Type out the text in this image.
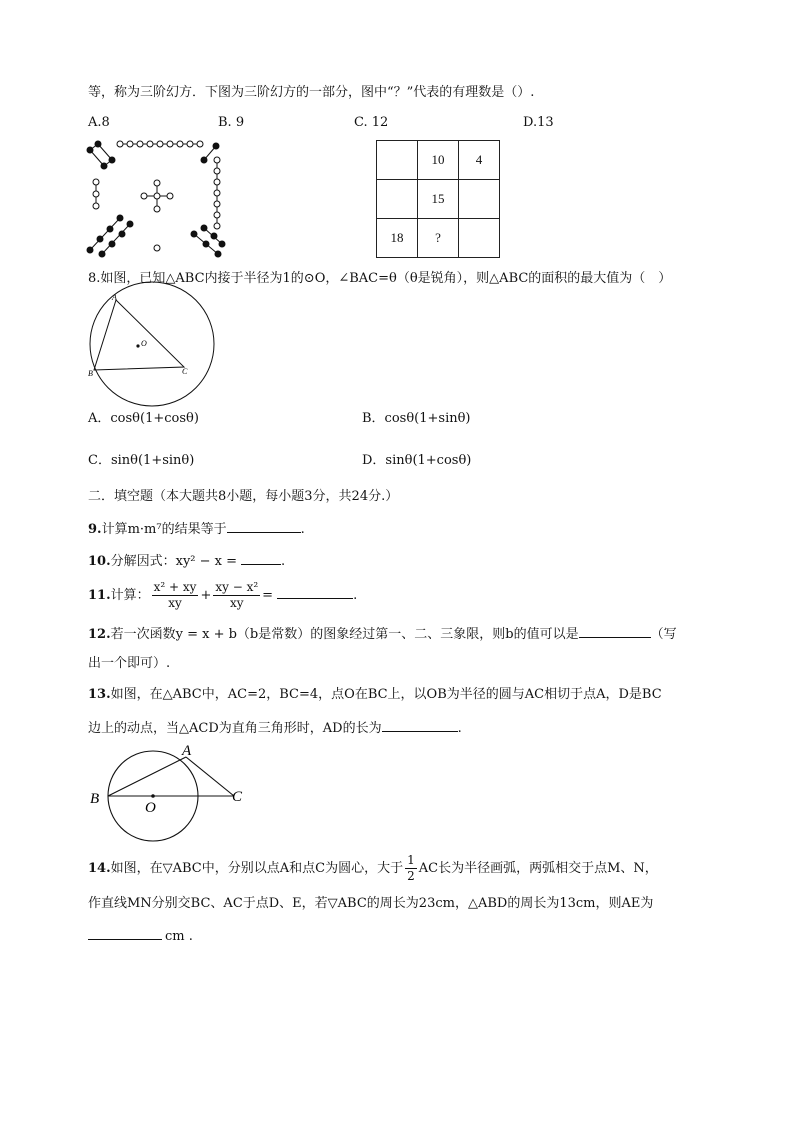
等，称为三阶幻方．下图为三阶幻方的一部分，图中“？”代表的有理数是（）.
A.8	B. 9	C. 12	D.13
	10	4
	15	
18	?	
8.如图，已知△ABC内接于半径为1的⊙O，∠BAC=θ（θ是锐角），则△ABC的面积的最大值为（　）
A
B	C
O
A．cosθ(1+cosθ)	B．cosθ(1+sinθ)
C．sinθ(1+sinθ)	D．sinθ(1+cosθ)
二．填空题（本大题共8小题，每小题3分，共24分.）
9.计算m·m⁷的结果等于	.
10.分解因式：xy² − x =	.
11.计算： $\frac{\text{x² + xy}}{xy} + \frac{\text{xy − x²}}{xy}$ =	.
12.若一次函数y = x + b（b是常数）的图象经过第一、二、三象限，则b的值可以是	（写
出一个即可）.
13.如图，在△ABC中，AC=2，BC=4，点O在BC上，以OB为半径的圆与AC相切于点A，D是BC
边上的动点，当△ACD为直角三角形时，AD的长为	.
A
B	C
O
14.如图，在▽ABC中，分别以点A和点C为圆心，大于 $\frac{1}{2}$ AC长为半径画弧，两弧相交于点M、N，
作直线MN分别交BC、AC于点D、E，若▽ABC的周长为23cm，△ABD的周长为13cm，则AE为
cm .
